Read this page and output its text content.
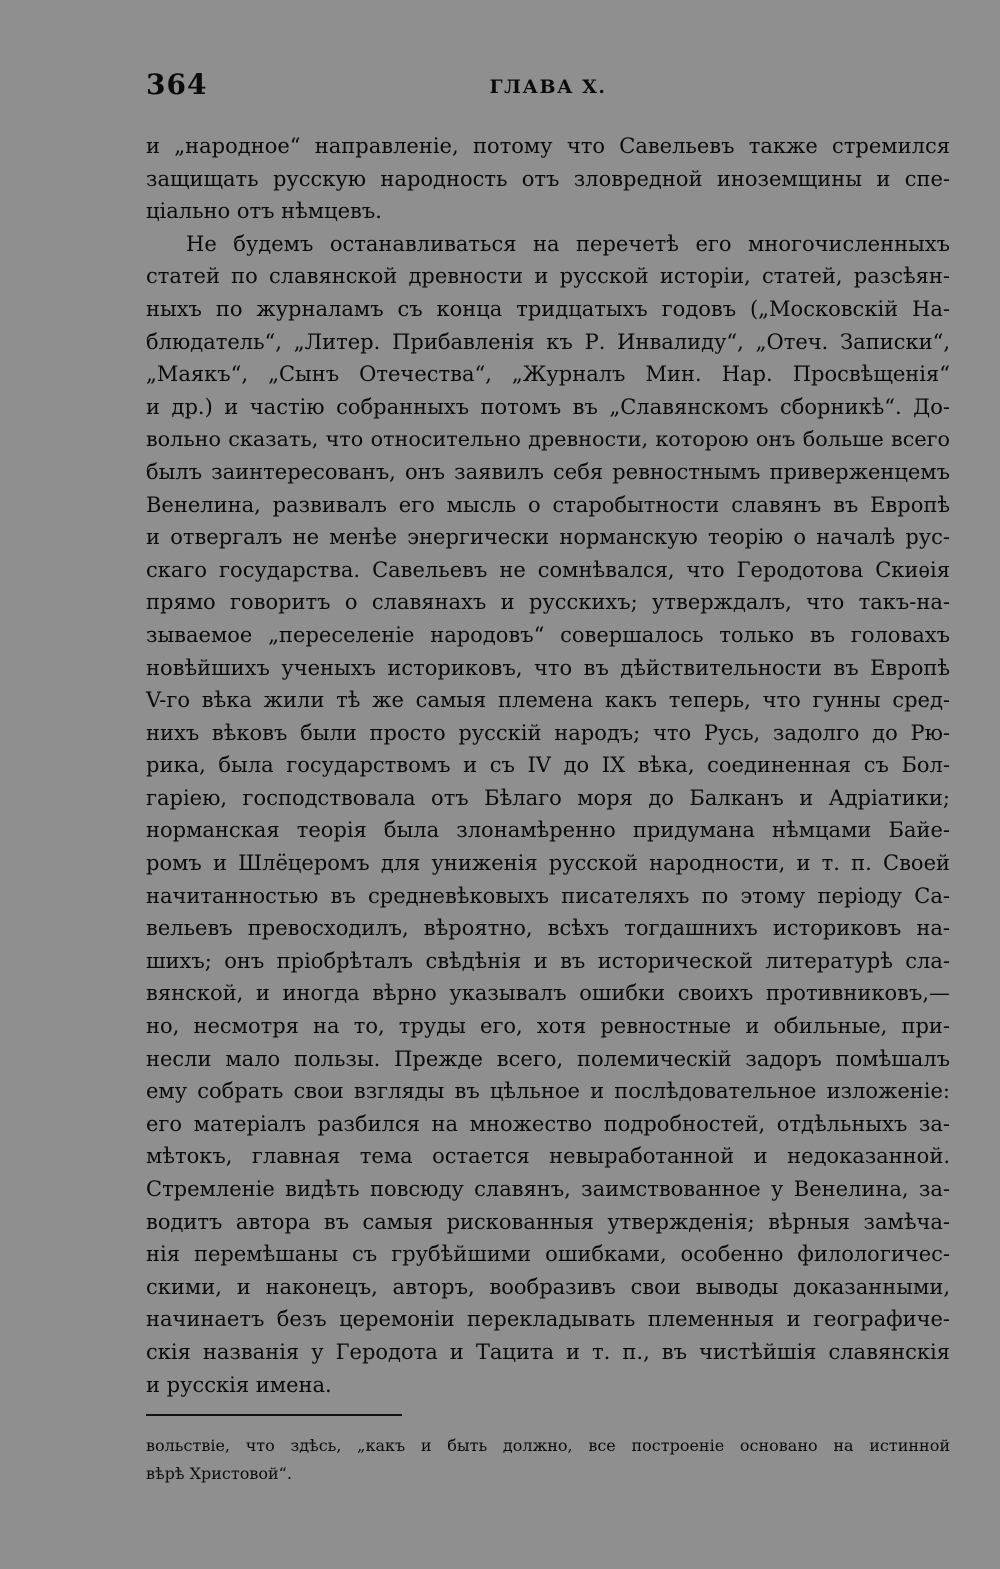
364	ГЛАВА X.

и „народное“ направленіе, потому что Савельевъ также стремился
защищать русскую народность отъ зловредной иноземщины и спе-
ціально отъ нѣмцевъ.

Не будемъ останавливаться на перечетѣ его многочисленныхъ
статей по славянской древности и русской исторіи, статей, разсѣян-
ныхъ по журналамъ съ конца тридцатыхъ годовъ („Московскій На-
блюдатель“, „Литер. Прибавленія къ Р. Инвалиду“, „Отеч. Записки“,
„Маякъ“, „Сынъ Отечества“, „Журналъ Мин. Нар. Просвѣщенія“
и др.) и частію собранныхъ потомъ въ „Славянскомъ сборникѣ“. До-
вольно сказать, что относительно древности, которою онъ больше всего
былъ заинтересованъ, онъ заявилъ себя ревностнымъ приверженцемъ
Венелина, развивалъ его мысль о старобытности славянъ въ Европѣ
и отвергалъ не менѣе энергически норманскую теорію о началѣ рус-
скаго государства. Савельевъ не сомнѣвался, что Геродотова Скиѳія
прямо говоритъ о славянахъ и русскихъ; утверждалъ, что такъ-на-
зываемое „переселеніе народовъ“ совершалось только въ головахъ
новѣйшихъ ученыхъ историковъ, что въ дѣйствительности въ Европѣ
V-го вѣка жили тѣ же самыя племена какъ теперь, что гунны сред-
нихъ вѣковъ были просто русскій народъ; что Русь, задолго до Рю-
рика, была государствомъ и съ IV до IX вѣка, соединенная съ Бол-
гаріею, господствовала отъ Бѣлаго моря до Балканъ и Адріатики;
норманская теорія была злонамѣренно придумана нѣмцами Байе-
ромъ и Шлёцеромъ для униженія русской народности, и т. п. Своей
начитанностью въ средневѣковыхъ писателяхъ по этому періоду Са-
вельевъ превосходилъ, вѣроятно, всѣхъ тогдашнихъ историковъ на-
шихъ; онъ пріобрѣталъ свѣдѣнія и въ исторической литературѣ сла-
вянской, и иногда вѣрно указывалъ ошибки своихъ противниковъ,—
но, несмотря на то, труды его, хотя ревностные и обильные, при-
несли мало пользы. Прежде всего, полемическій задоръ помѣшалъ
ему собрать свои взгляды въ цѣльное и послѣдовательное изложеніе:
его матеріалъ разбился на множество подробностей, отдѣльныхъ за-
мѣтокъ, главная тема остается невыработанной и недоказанной.
Стремленіе видѣть повсюду славянъ, заимствованное у Венелина, за-
водитъ автора въ самыя рискованныя утвержденія; вѣрныя замѣча-
нія перемѣшаны съ грубѣйшими ошибками, особенно филологичес-
скими, и наконецъ, авторъ, вообразивъ свои выводы доказанными,
начинаетъ безъ церемоніи перекладывать племенныя и географиче-
скія названія у Геродота и Тацита и т. п., въ чистѣйшія славянскія
и русскія имена.

вольствіе, что здѣсь, „какъ и быть должно, все построеніе основано на истинной
вѣрѣ Христовой“.
